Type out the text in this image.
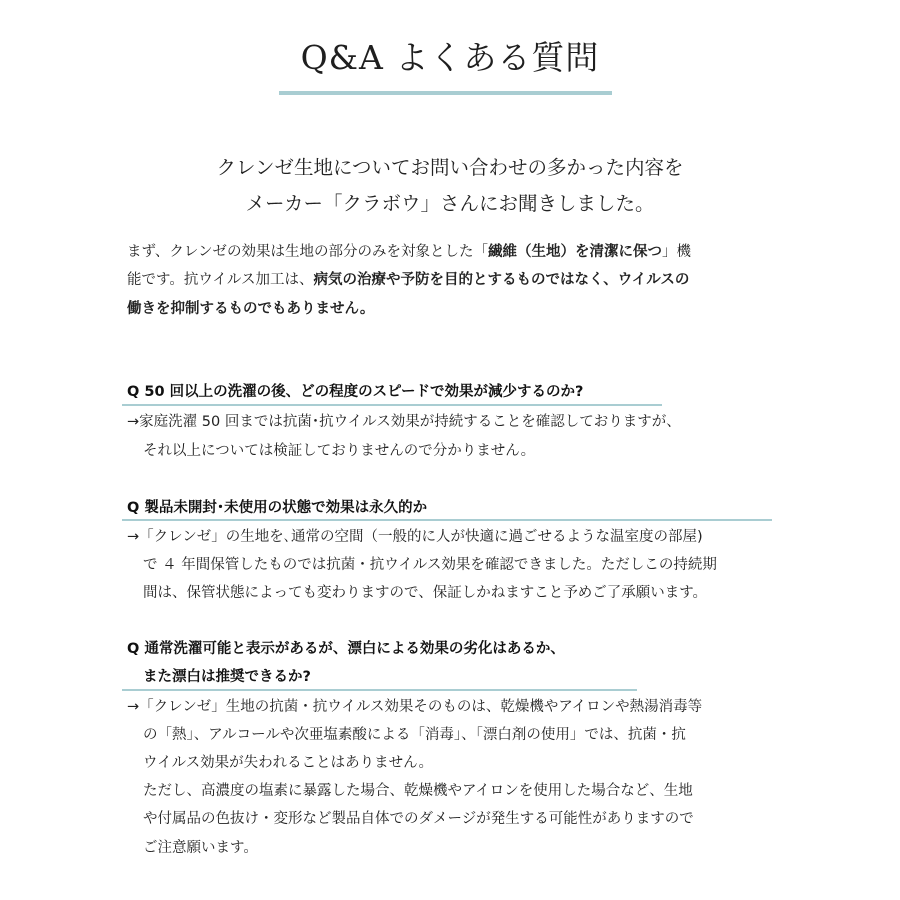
Q&A よくある質問
クレンゼ生地についてお問い合わせの多かった内容を
メーカー「クラボウ」さんにお聞きしました。
まず、クレンゼの効果は生地の部分のみを対象とした「繊維（生地）を清潔に保つ」機
能です。抗ウイルス加工は、病気の治療や予防を目的とするものではなく、ウイルスの
働きを抑制するものでもありません。
Q 50 回以上の洗濯の後、どの程度のスピードで効果が減少するのか?
→家庭洗濯 50 回までは抗菌･抗ウイルス効果が持続することを確認しておりますが、
それ以上については検証しておりませんので分かりません。
Q 製品未開封･未使用の状態で効果は永久的か
→「クレンゼ」の生地を､通常の空間（一般的に人が快適に過ごせるような温室度の部屋)
で ４ 年間保管したものでは抗菌・抗ウイルス効果を確認できました。ただしこの持続期
間は、保管状態によっても変わりますので、保証しかねますこと予めご了承願います。
Q 通常洗濯可能と表示があるが、漂白による効果の劣化はあるか、
また漂白は推奨できるか?
→「クレンゼ」生地の抗菌・抗ウイルス効果そのものは、乾燥機やアイロンや熱湯消毒等
の「熱」、アルコールや次亜塩素酸による「消毒」、「漂白剤の使用」では、抗菌・抗
ウイルス効果が失われることはありません。
ただし、高濃度の塩素に暴露した場合、乾燥機やアイロンを使用した場合など、生地
や付属品の色抜け・変形など製品自体でのダメージが発生する可能性がありますので
ご注意願います。
